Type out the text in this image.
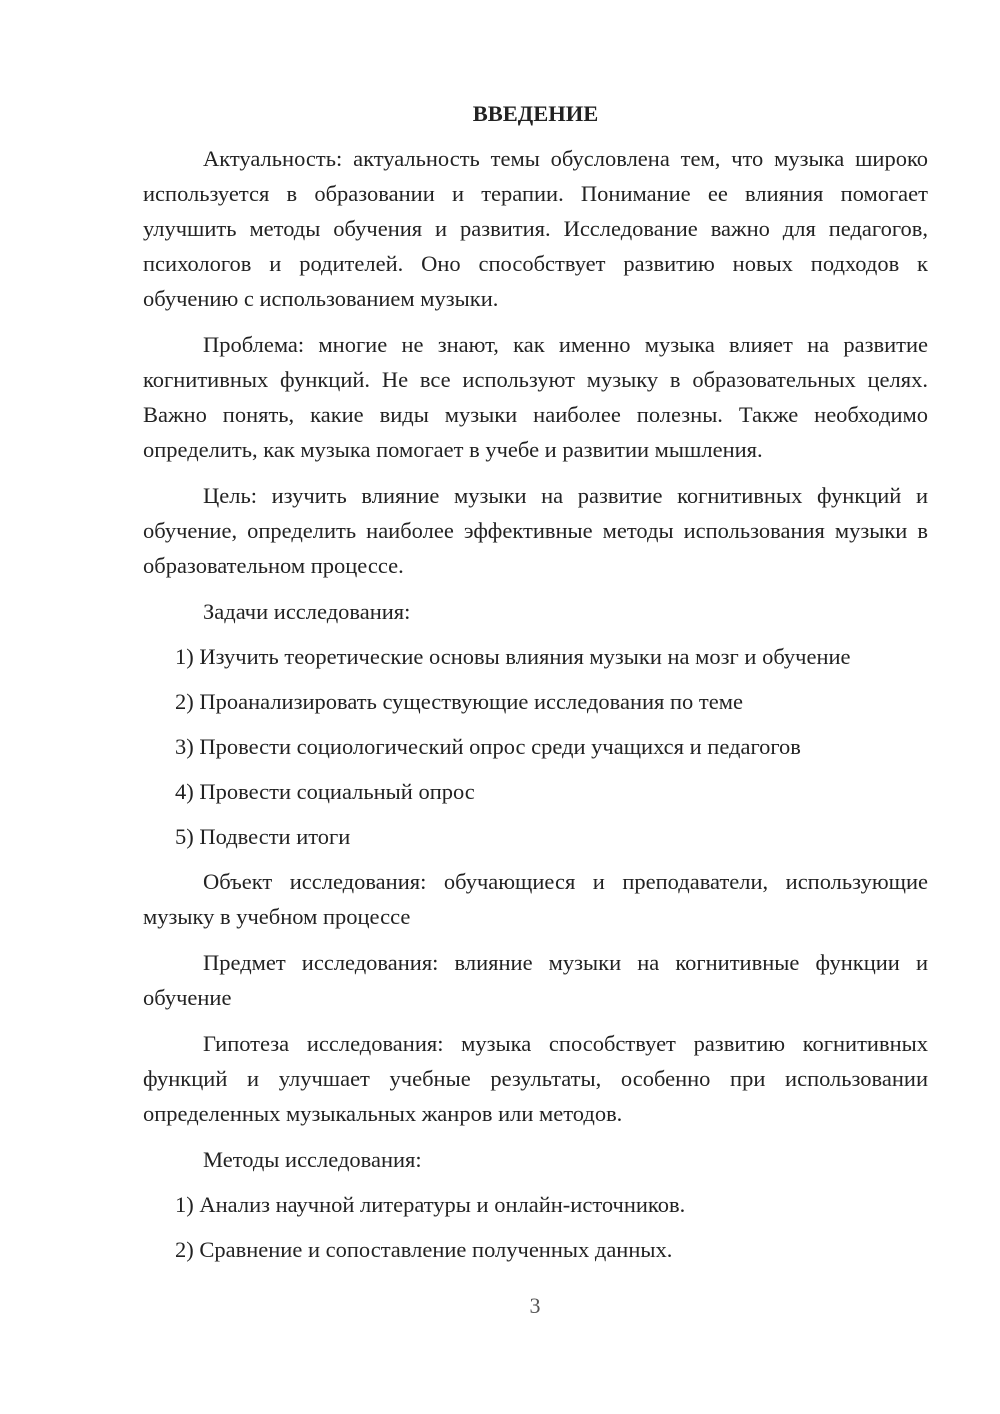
ВВЕДЕНИЕ

Актуальность: актуальность темы обусловлена тем, что музыка широко используется в образовании и терапии. Понимание ее влияния помогает улучшить методы обучения и развития. Исследование важно для педагогов, психологов и родителей. Оно способствует развитию новых подходов к обучению с использованием музыки.

Проблема: многие не знают, как именно музыка влияет на развитие когнитивных функций. Не все используют музыку в образовательных целях. Важно понять, какие виды музыки наиболее полезны. Также необходимо определить, как музыка помогает в учебе и развитии мышления.

Цель: изучить влияние музыки на развитие когнитивных функций и обучение, определить наиболее эффективные методы использования музыки в образовательном процессе.

Задачи исследования:
1) Изучить теоретические основы влияния музыки на мозг и обучение
2) Проанализировать существующие исследования по теме
3) Провести социологический опрос среди учащихся и педагогов
4) Провести социальный опрос
5) Подвести итоги

Объект исследования: обучающиеся и преподаватели, использующие музыку в учебном процессе

Предмет исследования: влияние музыки на когнитивные функции и обучение

Гипотеза исследования: музыка способствует развитию когнитивных функций и улучшает учебные результаты, особенно при использовании определенных музыкальных жанров или методов.

Методы исследования:
1) Анализ научной литературы и онлайн-источников.
2) Сравнение и сопоставление полученных данных.
3
